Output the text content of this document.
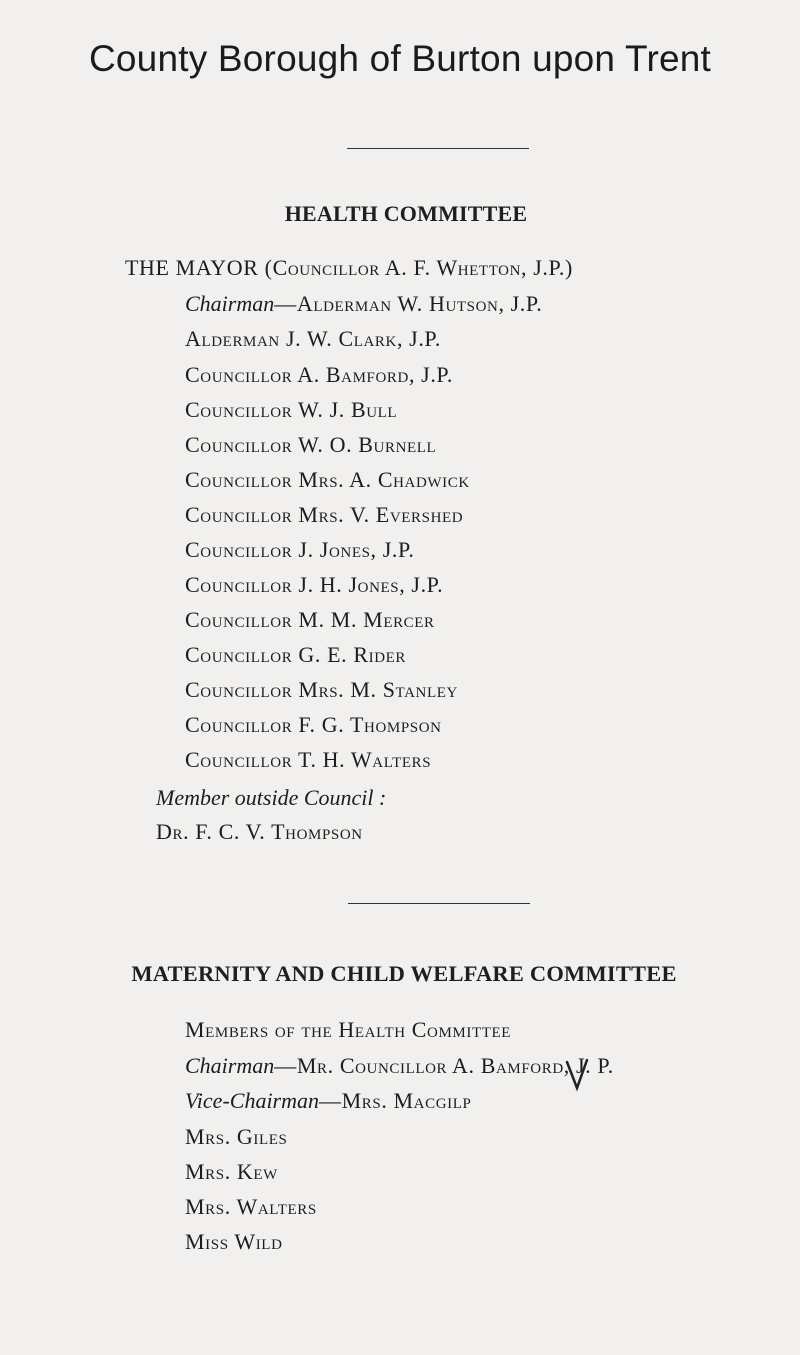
County Borough of Burton upon Trent
HEALTH COMMITTEE
THE MAYOR (Councillor A. F. Whetton, J.P.)
Chairman—Alderman W. Hutson, J.P.
Alderman J. W. Clark, J.P.
Councillor A. Bamford, J.P.
Councillor W. J. Bull
Councillor W. O. Burnell
Councillor Mrs. A. Chadwick
Councillor Mrs. V. Evershed
Councillor J. Jones, J.P.
Councillor J. H. Jones, J.P.
Councillor M. M. Mercer
Councillor G. E. Rider
Councillor Mrs. M. Stanley
Councillor F. G. Thompson
Councillor T. H. Walters
Member outside Council :
Dr. F. C. V. Thompson
MATERNITY AND CHILD WELFARE COMMITTEE
Members of the Health Committee
Chairman—Mr. Councillor A. Bamford, J. P.
Vice-Chairman—Mrs. Macgilp
Mrs. Giles
Mrs. Kew
Mrs. Walters
Miss Wild
